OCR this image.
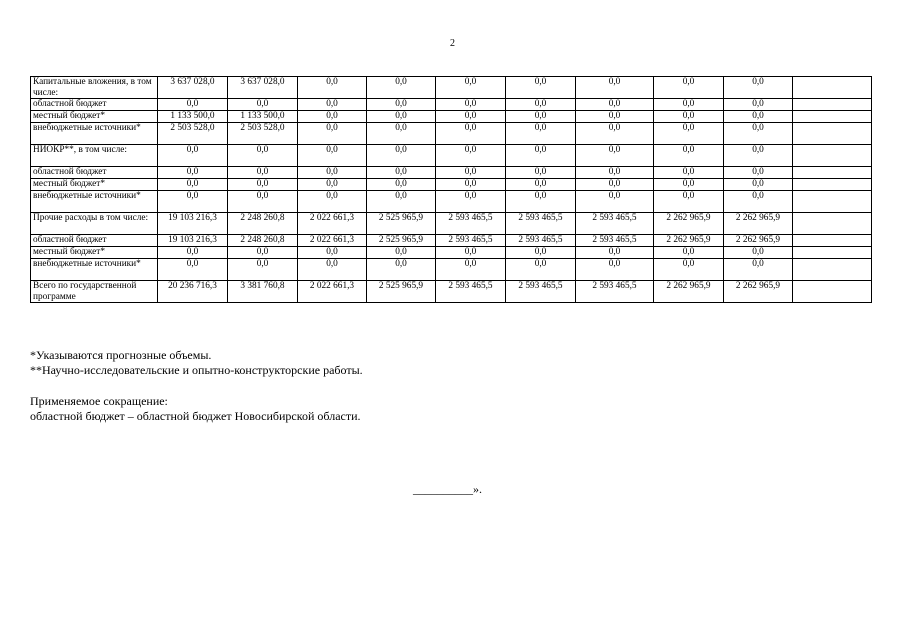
2
Капитальные вложения, в том числе:	3 637 028,0	3 637 028,0	0,0	0,0	0,0	0,0	0,0	0,0	0,0	
областной бюджет	0,0	0,0	0,0	0,0	0,0	0,0	0,0	0,0	0,0	
местный бюджет*	1 133 500,0	1 133 500,0	0,0	0,0	0,0	0,0	0,0	0,0	0,0	
внебюджетные источники*	2 503 528,0	2 503 528,0	0,0	0,0	0,0	0,0	0,0	0,0	0,0	
НИОКР**, в том числе:	0,0	0,0	0,0	0,0	0,0	0,0	0,0	0,0	0,0	
областной бюджет	0,0	0,0	0,0	0,0	0,0	0,0	0,0	0,0	0,0	
местный бюджет*	0,0	0,0	0,0	0,0	0,0	0,0	0,0	0,0	0,0	
внебюджетные источники*	0,0	0,0	0,0	0,0	0,0	0,0	0,0	0,0	0,0	
Прочие расходы в том числе:	19 103 216,3	2 248 260,8	2 022 661,3	2 525 965,9	2 593 465,5	2 593 465,5	2 593 465,5	2 262 965,9	2 262 965,9	
областной бюджет	19 103 216,3	2 248 260,8	2 022 661,3	2 525 965,9	2 593 465,5	2 593 465,5	2 593 465,5	2 262 965,9	2 262 965,9	
местный бюджет*	0,0	0,0	0,0	0,0	0,0	0,0	0,0	0,0	0,0	
внебюджетные источники*	0,0	0,0	0,0	0,0	0,0	0,0	0,0	0,0	0,0	
Всего по государственной программе	20 236 716,3	3 381 760,8	2 022 661,3	2 525 965,9	2 593 465,5	2 593 465,5	2 593 465,5	2 262 965,9	2 262 965,9	

*Указываются прогнозные объемы.

**Научно-исследовательские и опытно-конструкторские работы.

Применяемое сокращение:

областной бюджет – областной бюджет Новосибирской области.

__________».
